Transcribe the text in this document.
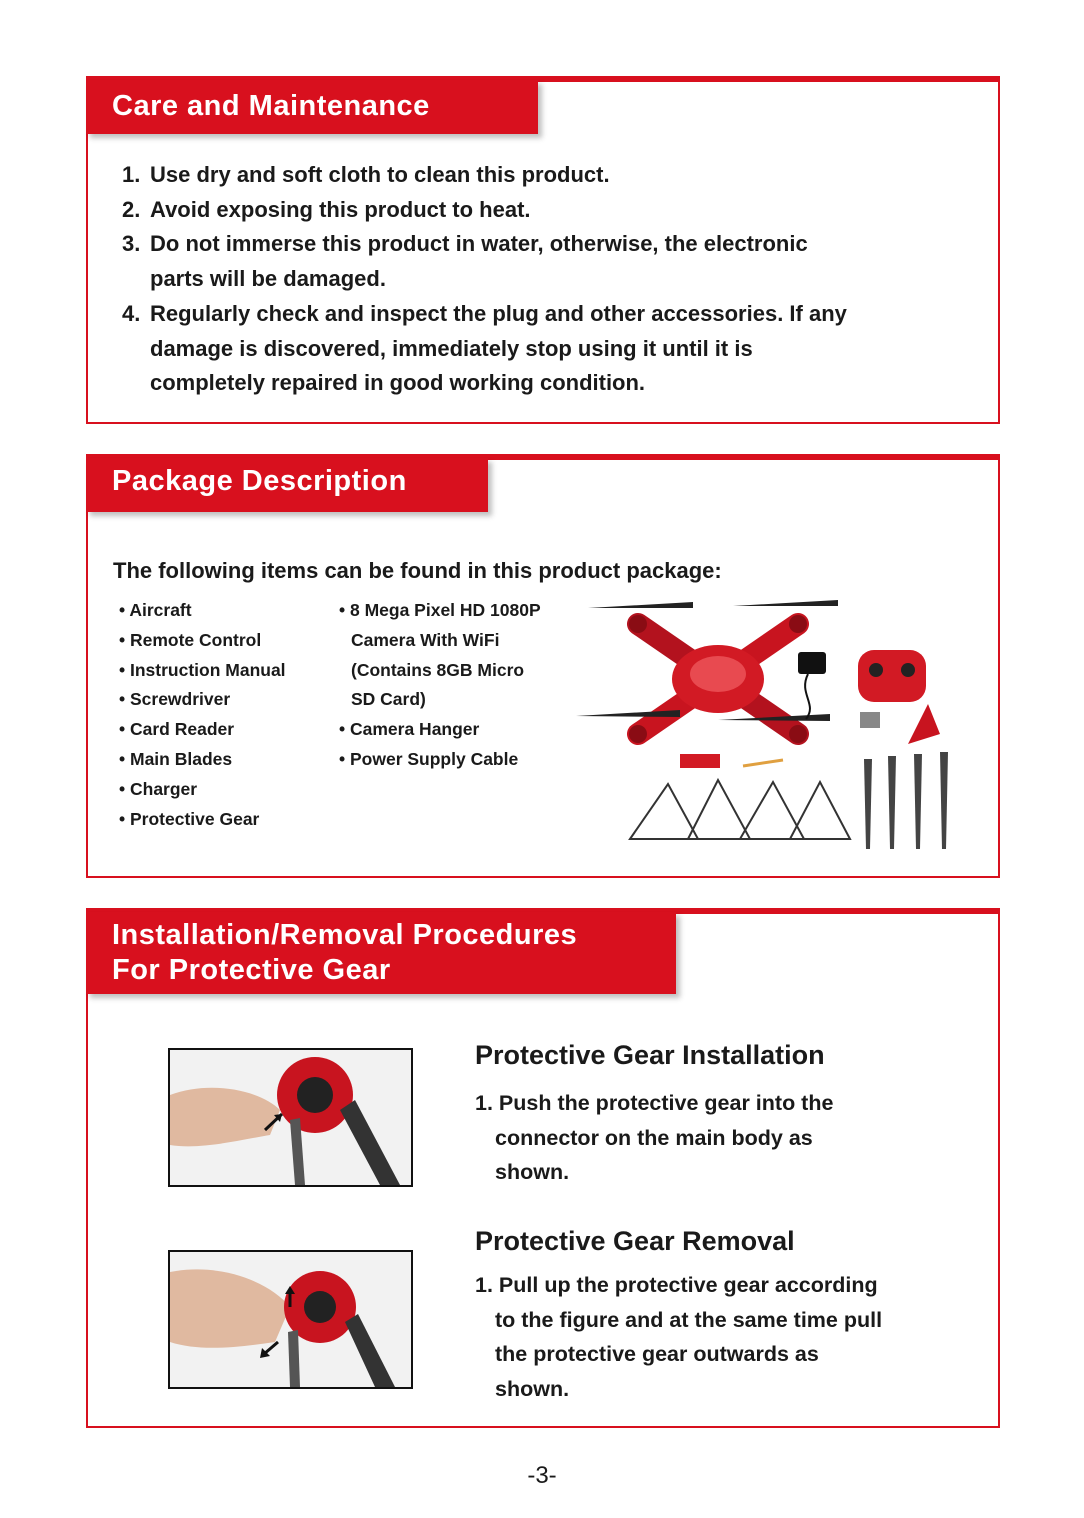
Care and Maintenance
1. Use dry and soft cloth to clean this product.
2. Avoid exposing this product to heat.
3. Do not immerse this product in water, otherwise, the electronic
parts will be damaged.
4. Regularly check and inspect the plug and other accessories. If any
damage is discovered, immediately stop using it until it is
completely repaired in good working condition.
Package Description
The following items can be found in this product package:
• Aircraft
• Remote Control
• Instruction Manual
• Screwdriver
• Card Reader
• Main Blades
• Charger
• Protective Gear
• 8 Mega Pixel HD 1080P
Camera With WiFi
(Contains 8GB Micro
SD Card)
• Camera Hanger
• Power Supply Cable
Installation/Removal Procedures
For Protective Gear
Protective Gear Installation
1. Push the protective gear into the
connector on the main body as
shown.
Protective Gear Removal
1. Pull up the protective gear according
to the figure and at the same time pull
the protective gear outwards as
shown.
-3-
